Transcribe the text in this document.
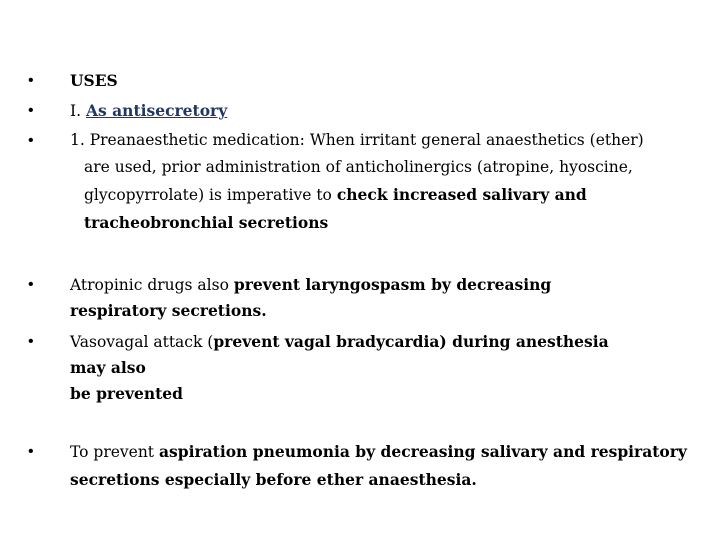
•	USES
•	I. As antisecretory
•	1. Preanaesthetic medication: When irritant general anaesthetics (ether) are used, prior administration of anticholinergics (atropine, hyoscine, glycopyrrolate) is imperative to check increased salivary and tracheobronchial secretions
•	Atropinic drugs also prevent laryngospasm by decreasing respiratory secretions.
•	Vasovagal attack (prevent vagal bradycardia) during anesthesia may also
be prevented
•	To prevent aspiration pneumonia by decreasing salivary and respiratory secretions especially before ether anaesthesia.
